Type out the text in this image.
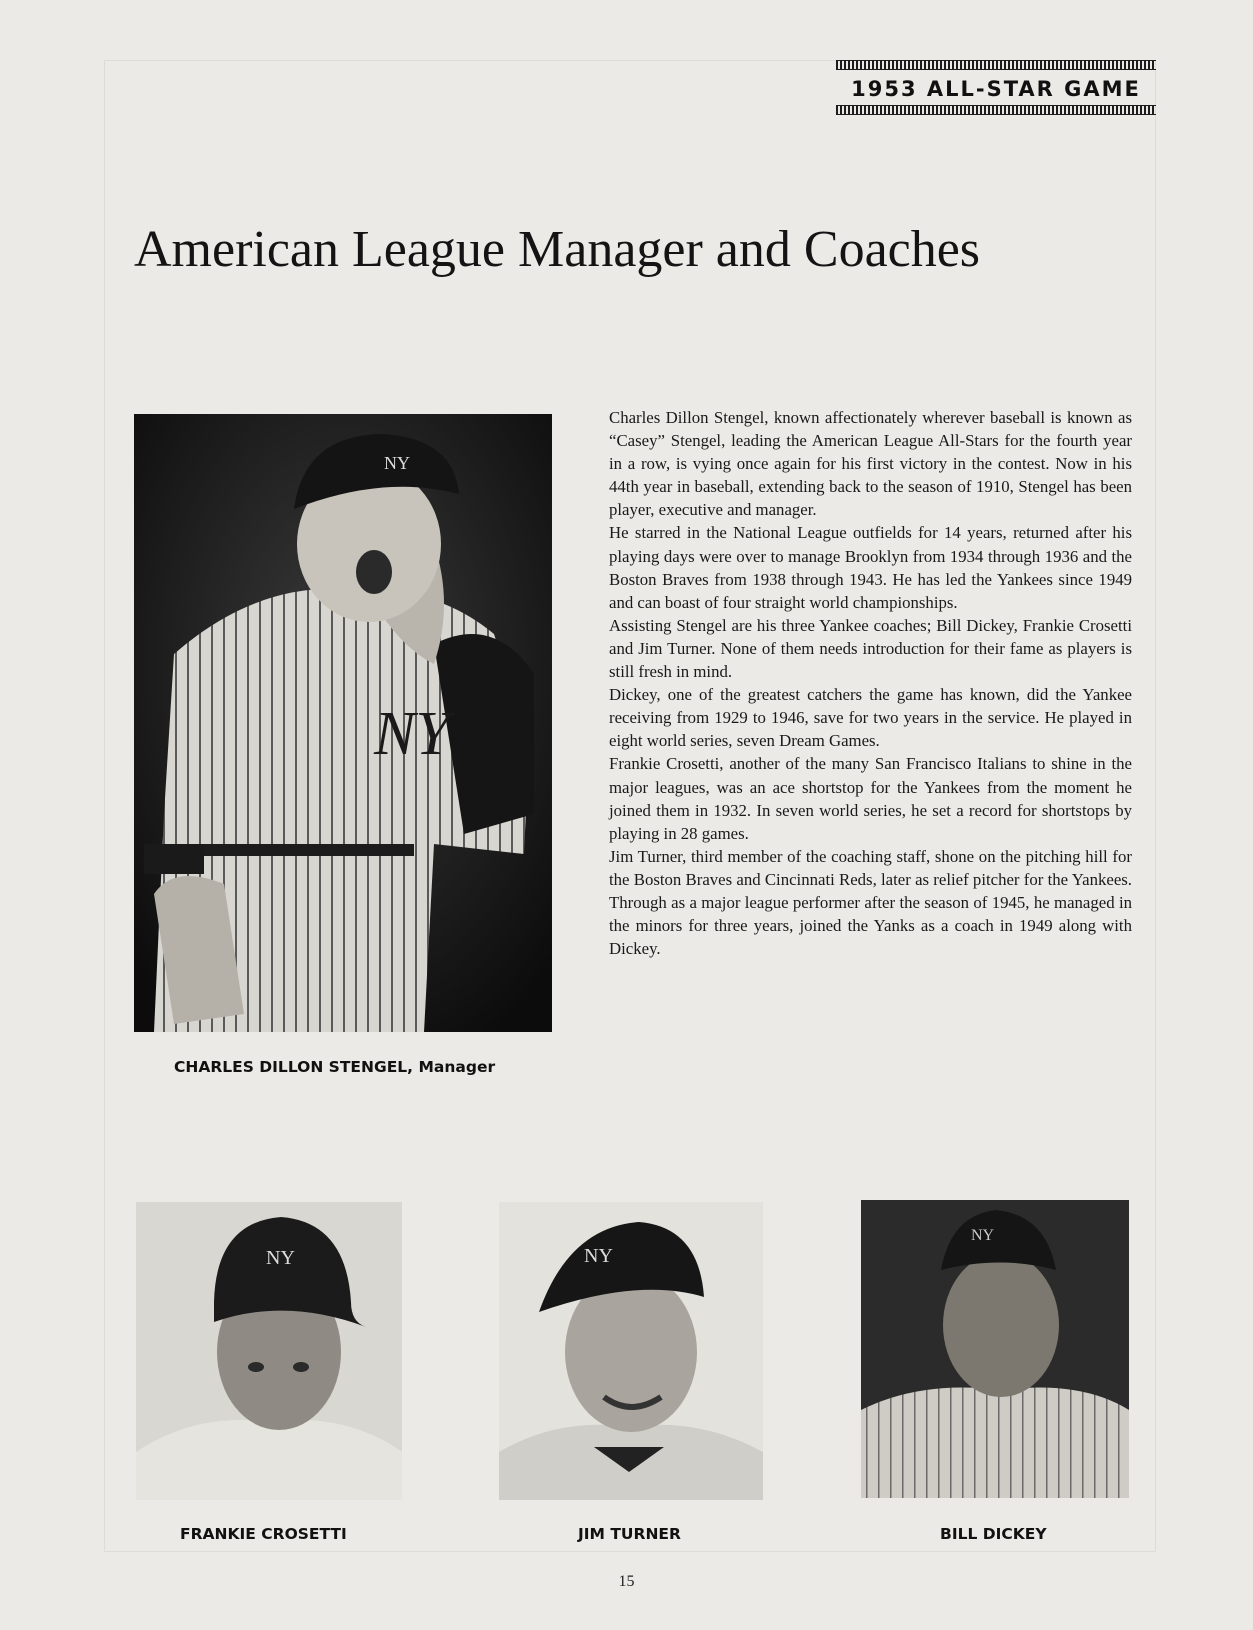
1953 ALL-STAR GAME
American League Manager and Coaches
NY
NY
CHARLES DILLON STENGEL, Manager

Charles Dillon Stengel, known affectionately wherever baseball is known as “Casey” Stengel, leading the American League All-Stars for the fourth year in a row, is vying once again for his first victory in the contest. Now in his 44th year in baseball, extending back to the season of 1910, Stengel has been player, executive and manager.

He starred in the National League outfields for 14 years, returned after his playing days were over to manage Brooklyn from 1934 through 1936 and the Boston Braves from 1938 through 1943. He has led the Yankees since 1949 and can boast of four straight world championships.

Assisting Stengel are his three Yankee coaches; Bill Dickey, Frankie Crosetti and Jim Turner. None of them needs introduction for their fame as players is still fresh in mind.

Dickey, one of the greatest catchers the game has known, did the Yankee receiving from 1929 to 1946, save for two years in the service. He played in eight world series, seven Dream Games.

Frankie Crosetti, another of the many San Francisco Italians to shine in the major leagues, was an ace shortstop for the Yankees from the moment he joined them in 1932. In seven world series, he set a record for shortstops by playing in 28 games.

Jim Turner, third member of the coaching staff, shone on the pitching hill for the Boston Braves and Cincinnati Reds, later as relief pitcher for the Yankees. Through as a major league performer after the season of 1945, he managed in the minors for three years, joined the Yanks as a coach in 1949 along with Dickey.

NY
FRANKIE CROSETTI
NY
JIM TURNER
NY
BILL DICKEY
15
